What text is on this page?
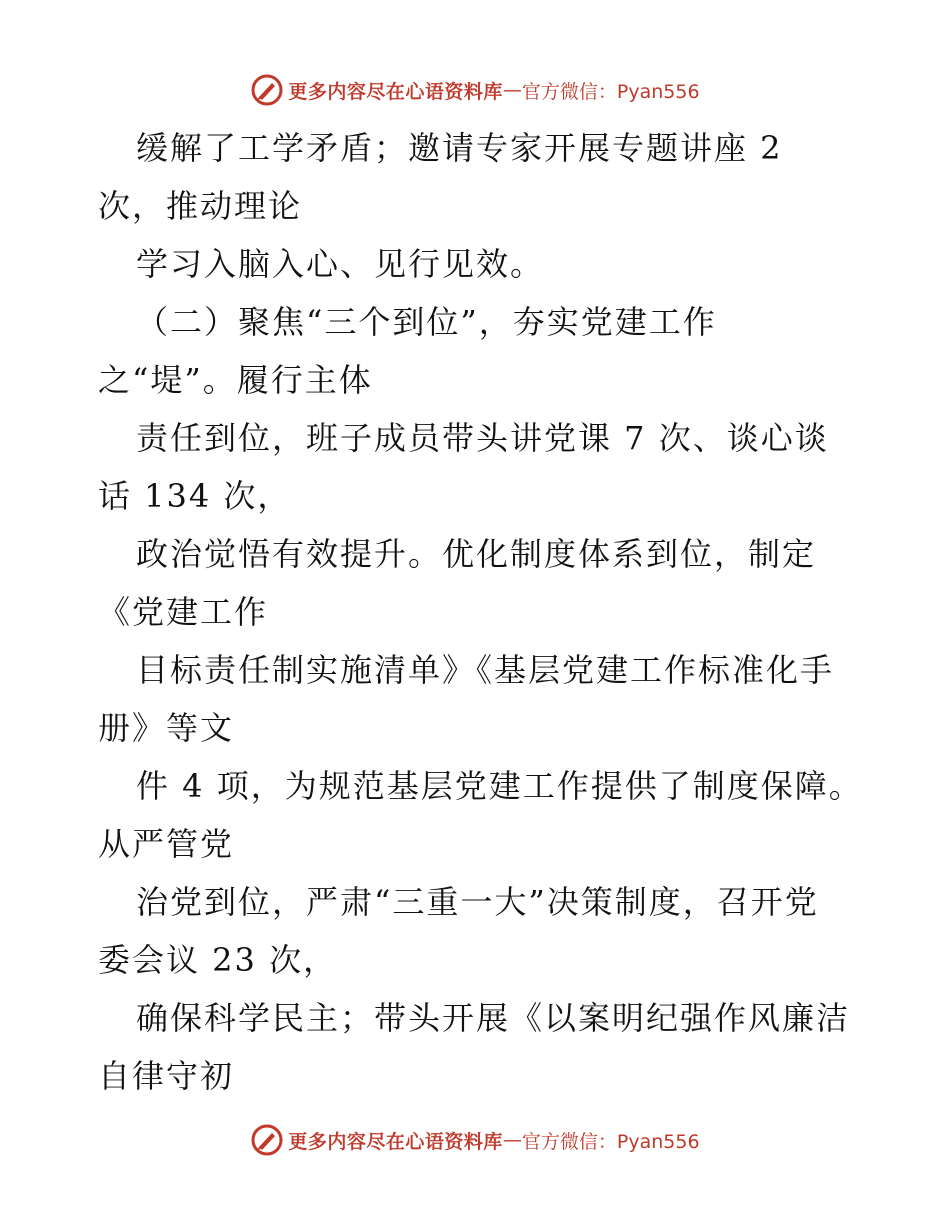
更多内容尽在心语资料库 — 官方微信：Pyan556
缓解了工学矛盾；邀请专家开展专题讲座 2
次，推动理论
学习入脑入心、见行见效。
（二）聚焦“三个到位”，夯实党建工作
之“堤”。履行主体
责任到位，班子成员带头讲党课 7 次、谈心谈
话 134 次，
政治觉悟有效提升。优化制度体系到位，制定
《党建工作
目标责任制实施清单》《基层党建工作标准化手
册》等文
件 4 项，为规范基层党建工作提供了制度保障。
从严管党
治党到位，严肃“三重一大”决策制度，召开党
委会议 23 次，
确保科学民主；带头开展《以案明纪强作风廉洁
自律守初
更多内容尽在心语资料库 — 官方微信：Pyan556
